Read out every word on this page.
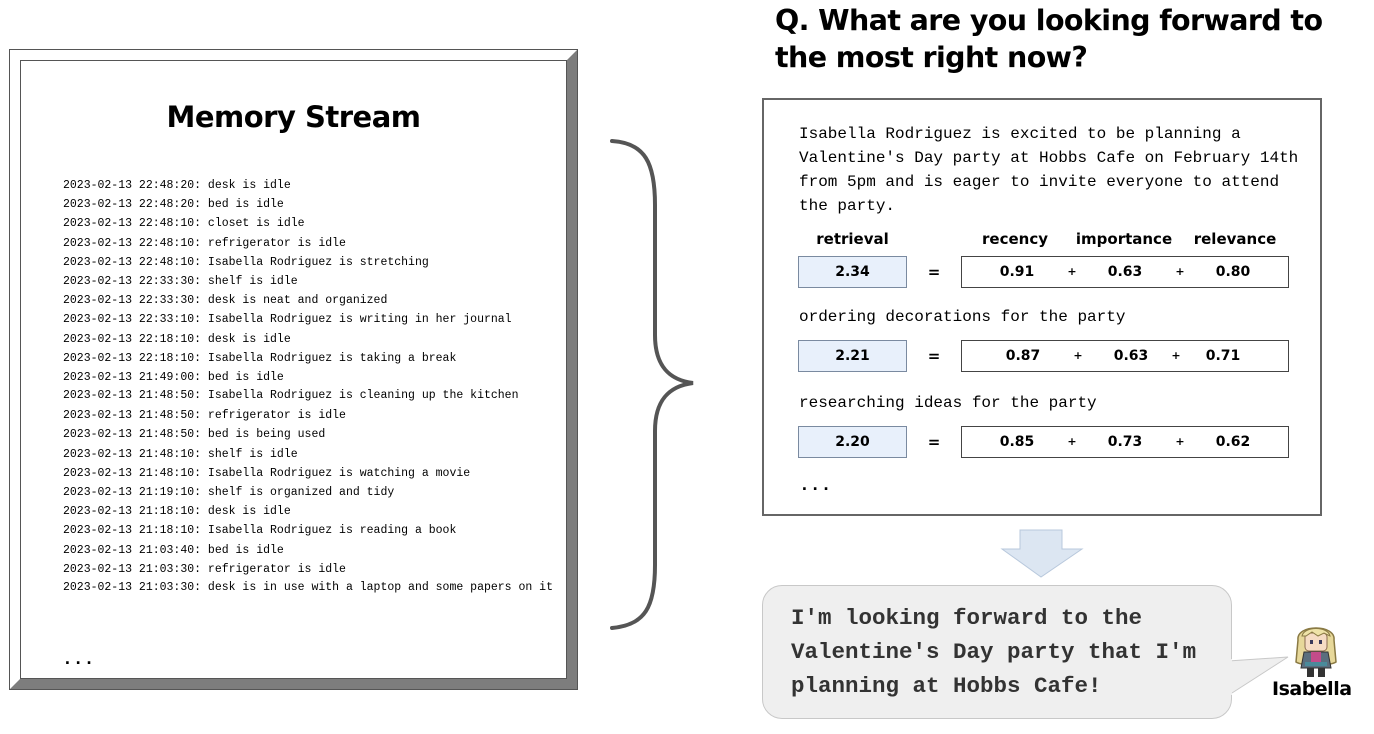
Memory Stream
2023-02-13 22:48:20: desk is idle
2023-02-13 22:48:20: bed is idle
2023-02-13 22:48:10: closet is idle
2023-02-13 22:48:10: refrigerator is idle
2023-02-13 22:48:10: Isabella Rodriguez is stretching
2023-02-13 22:33:30: shelf is idle
2023-02-13 22:33:30: desk is neat and organized
2023-02-13 22:33:10: Isabella Rodriguez is writing in her journal
2023-02-13 22:18:10: desk is idle
2023-02-13 22:18:10: Isabella Rodriguez is taking a break
2023-02-13 21:49:00: bed is idle
2023-02-13 21:48:50: Isabella Rodriguez is cleaning up the kitchen
2023-02-13 21:48:50: refrigerator is idle
2023-02-13 21:48:50: bed is being used
2023-02-13 21:48:10: shelf is idle
2023-02-13 21:48:10: Isabella Rodriguez is watching a movie
2023-02-13 21:19:10: shelf is organized and tidy
2023-02-13 21:18:10: desk is idle
2023-02-13 21:18:10: Isabella Rodriguez is reading a book
2023-02-13 21:03:40: bed is idle
2023-02-13 21:03:30: refrigerator is idle
2023-02-13 21:03:30: desk is in use with a laptop and some papers on it
...
Q. What are you looking forward to the most right now?
Isabella Rodriguez is excited to be planning a Valentine's Day party at Hobbs Cafe on February 14th from 5pm and is eager to invite everyone to attend the party.
retrieval	recency	importance relevance
2.34	=	0.91	+	0.63	+	0.80
ordering decorations for the party
2.21	=	0.87	+	0.63	+	0.71
researching ideas for the party
2.20	=	0.85	+	0.73	+	0.62
...
I'm looking forward to the Valentine's Day party that I'm planning at Hobbs Cafe!	Isabella
